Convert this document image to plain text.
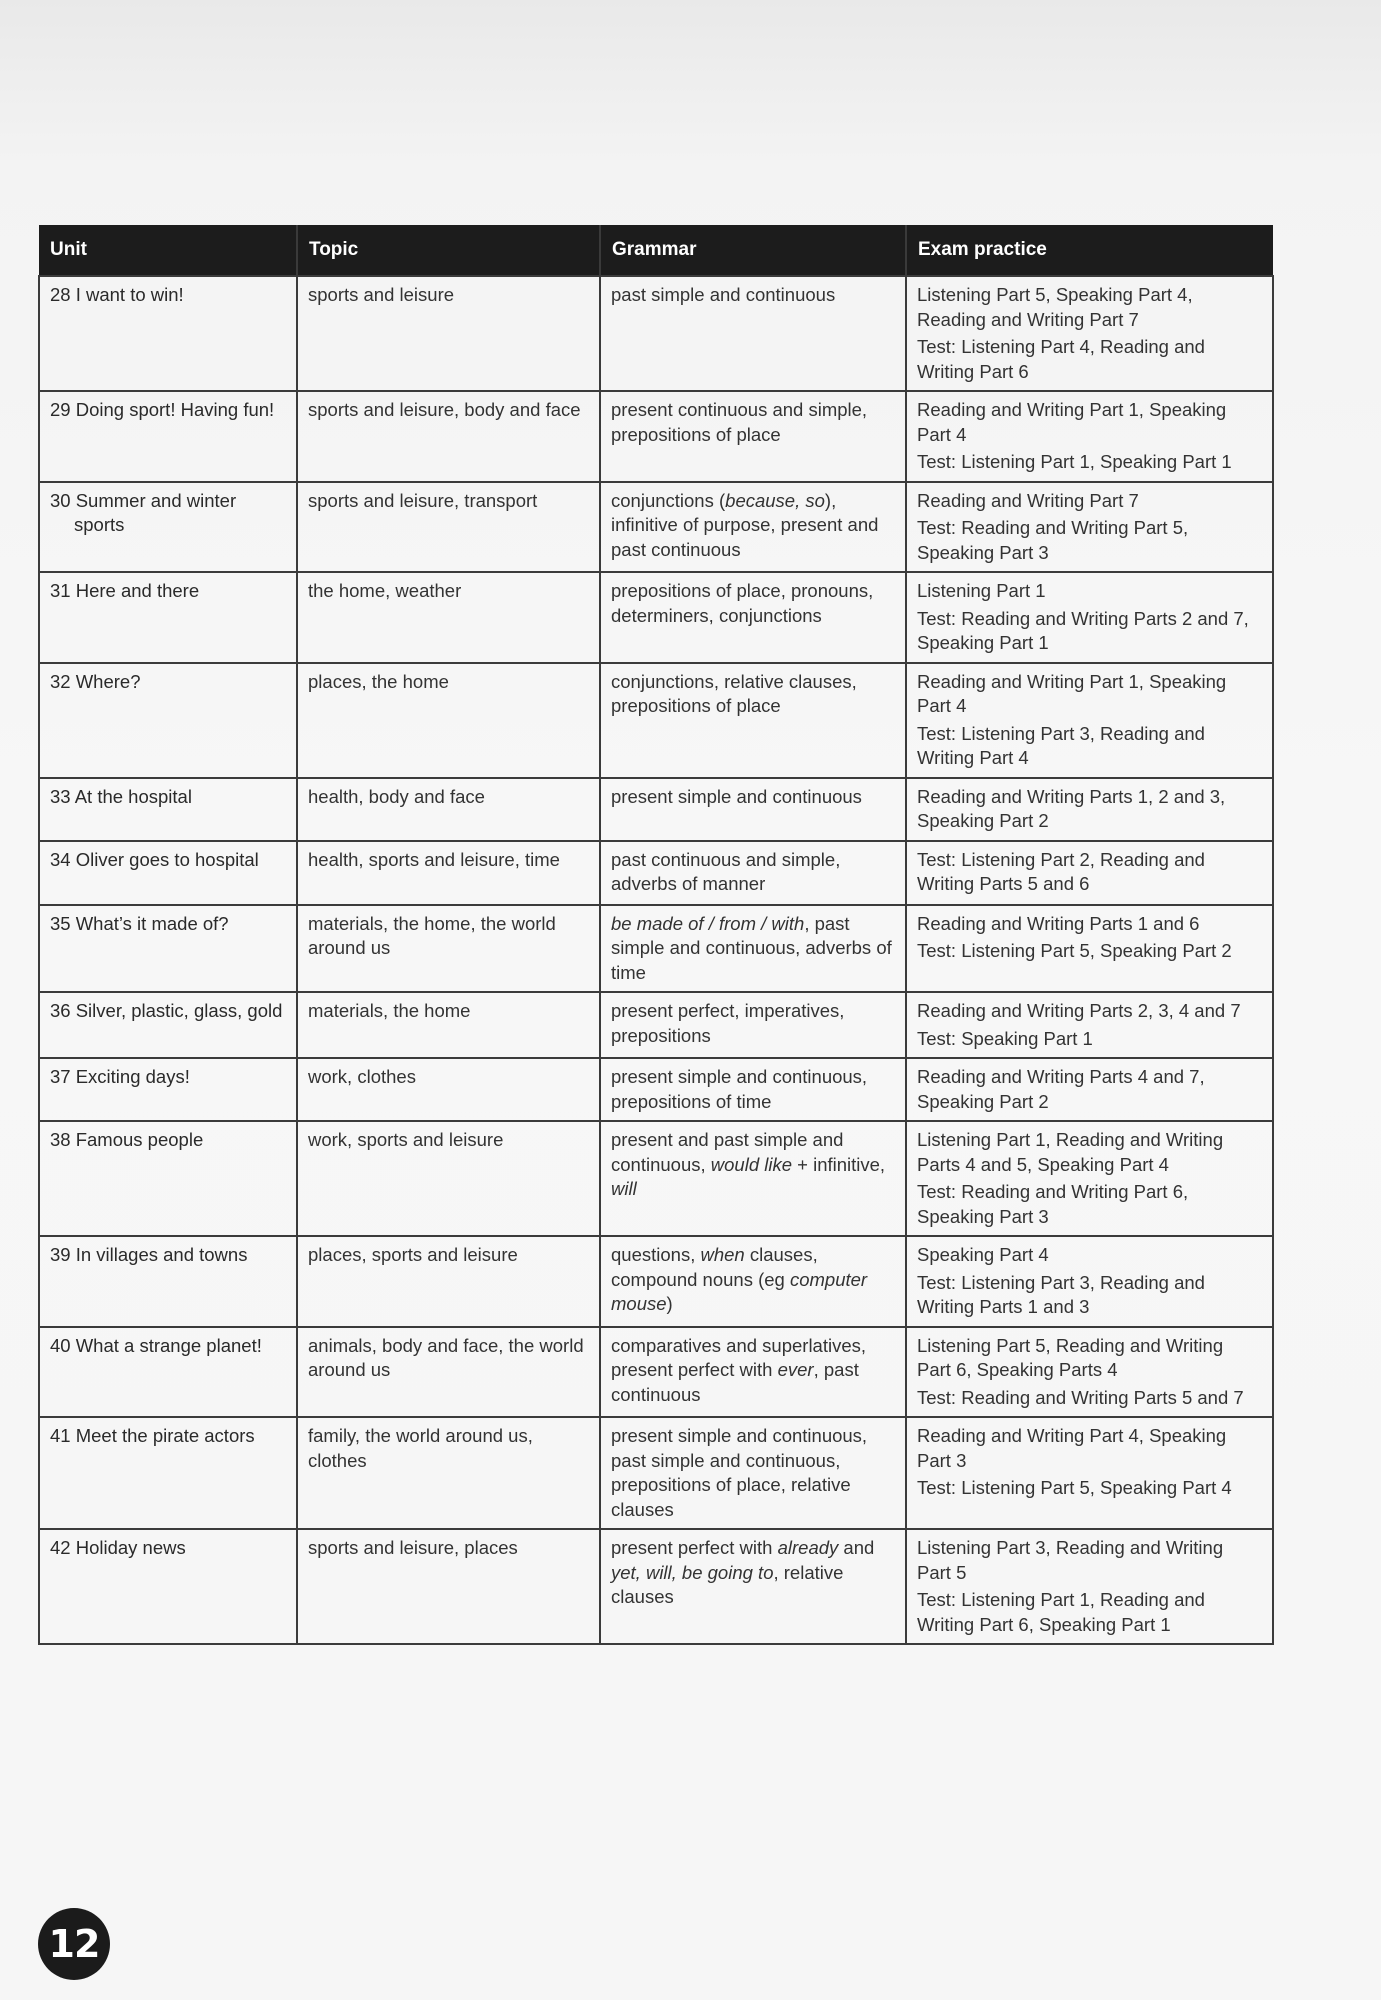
Unit	Topic	Grammar	Exam practice
28 I want to win!	sports and leisure	past simple and continuous	Listening Part 5, Speaking Part 4, Reading and Writing Part 7
Test: Listening Part 4, Reading and Writing Part 6

29 Doing sport! Having fun!	sports and leisure, body and face	present continuous and simple, prepositions of place	Reading and Writing Part 1, Speaking Part 4
Test: Listening Part 1, Speaking Part 1

30 Summer and winter sports	sports and leisure, transport	conjunctions (because, so), infinitive of purpose, present and past continuous	Reading and Writing Part 7
Test: Reading and Writing Part 5, Speaking Part 3

31 Here and there	the home, weather	prepositions of place, pronouns, determiners, conjunctions	Listening Part 1
Test: Reading and Writing Parts 2 and 7, Speaking Part 1

32 Where?	places, the home	conjunctions, relative clauses, prepositions of place	Reading and Writing Part 1, Speaking Part 4
Test: Listening Part 3, Reading and Writing Part 4

33 At the hospital	health, body and face	present simple and continuous	Reading and Writing Parts 1, 2 and 3, Speaking Part 2

34 Oliver goes to hospital	health, sports and leisure, time	past continuous and simple, adverbs of manner	Test: Listening Part 2, Reading and Writing Parts 5 and 6

35 What’s it made of?	materials, the home, the world around us	be made of / from / with, past simple and continuous, adverbs of time	Reading and Writing Parts 1 and 6
Test: Listening Part 5, Speaking Part 2

36 Silver, plastic, glass, gold	materials, the home	present perfect, imperatives, prepositions	Reading and Writing Parts 2, 3, 4 and 7
Test: Speaking Part 1

37 Exciting days!	work, clothes	present simple and continuous, prepositions of time	Reading and Writing Parts 4 and 7, Speaking Part 2

38 Famous people	work, sports and leisure	present and past simple and continuous, would like + infinitive, will	Listening Part 1, Reading and Writing Parts 4 and 5, Speaking Part 4
Test: Reading and Writing Part 6, Speaking Part 3

39 In villages and towns	places, sports and leisure	questions, when clauses, compound nouns (eg computer mouse)	Speaking Part 4
Test: Listening Part 3, Reading and Writing Parts 1 and 3

40 What a strange planet!	animals, body and face, the world around us	comparatives and superlatives, present perfect with ever, past continuous	Listening Part 5, Reading and Writing Part 6, Speaking Parts 4
Test: Reading and Writing Parts 5 and 7

41 Meet the pirate actors	family, the world around us, clothes	present simple and continuous, past simple and continuous, prepositions of place, relative clauses	Reading and Writing Part 4, Speaking Part 3
Test: Listening Part 5, Speaking Part 4

42 Holiday news	sports and leisure, places	present perfect with already and yet, will, be going to, relative clauses	Listening Part 3, Reading and Writing Part 5
Test: Listening Part 1, Reading and Writing Part 6, Speaking Part 1
12
